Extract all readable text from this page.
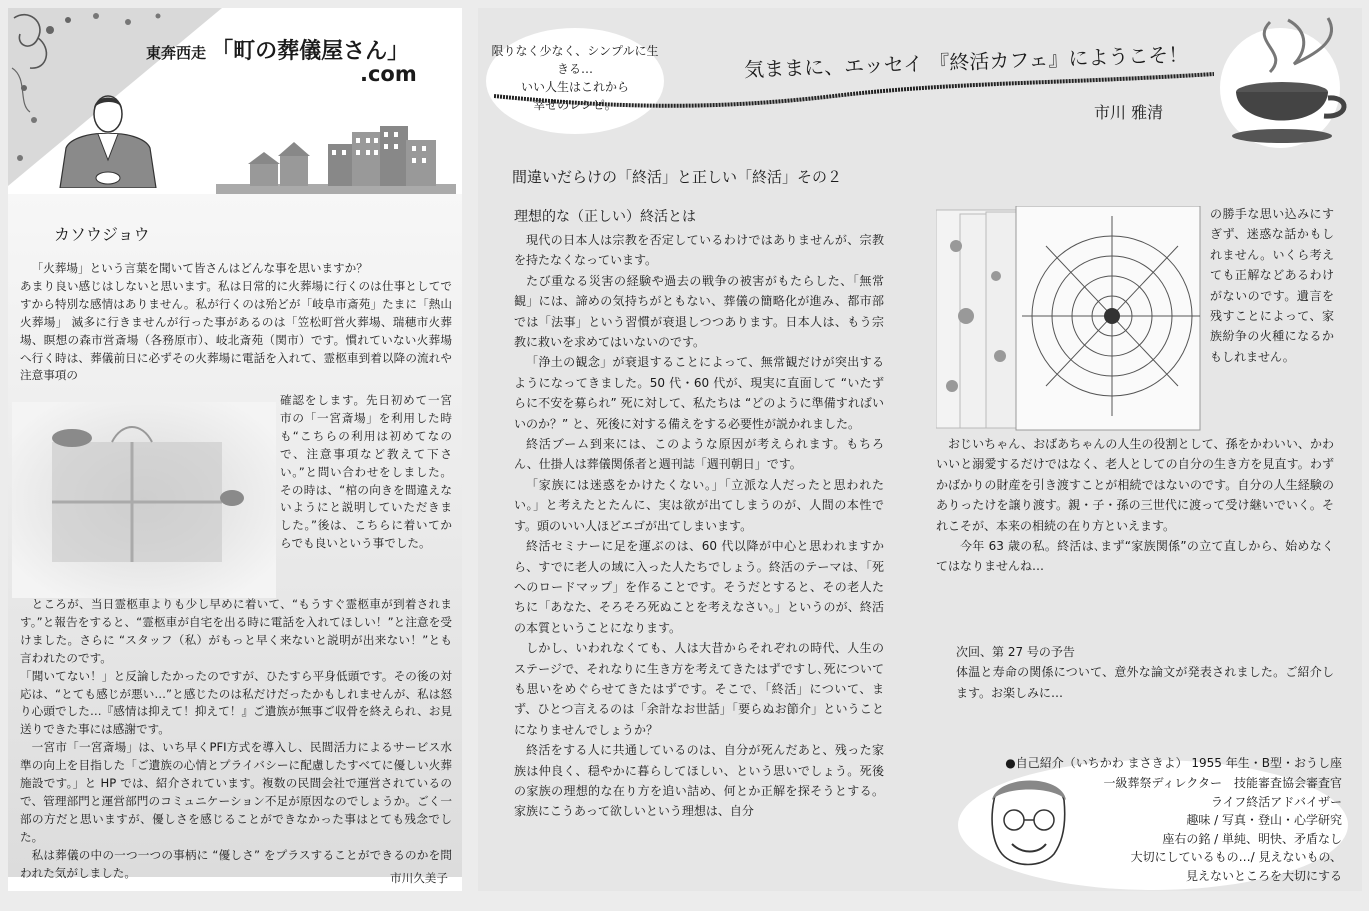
東奔西走 「町の葬儀屋さん」
.com
カソウジョウ

「火葬場」という言葉を聞いて皆さんはどんな事を思いますか？

あまり良い感じはしないと思います。私は日常的に火葬場に行くのは仕事としてですから特別な感情はありません。私が行くのは殆どが「岐阜市斎苑」たまに「熱山火葬場」 滅多に行きませんが行った事があるのは「笠松町営火葬場、瑞穂市火葬場、瞑想の森市営斎場（各務原市）、岐北斎苑（関市）です。慣れていない火葬場へ行く時は、葬儀前日に必ずその火葬場に電話を入れて、霊柩車到着以降の流れや注意事項の

確認をします。先日初めて一宮市の「一宮斎場」を利用した時も“こちらの利用は初めてなので、注意事項など教えて下さい。”と問い合わせをしました。その時は、“棺の向きを間違えないようにと説明していただきました。”後は、こちらに着いてからでも良いという事でした。

ところが、当日霊柩車よりも少し早めに着いて、“もうすぐ霊柩車が到着されます。”と報告をすると、“霊柩車が自宅を出る時に電話を入れてほしい！”と注意を受けました。さらに “スタッフ（私）がもっと早く来ないと説明が出来ない！”とも言われたのです。

「聞いてない！」と反論したかったのですが、ひたすら平身低頭です。その後の対応は、“とても感じが悪い…”と感じたのは私だけだったかもしれませんが、私は怒り心頭でした…『感情は抑えて！抑えて！』ご遺族が無事ご収骨を終えられ、お見送りできた事には感謝です。

一宮市「一宮斎場」は、いち早くPFI方式を導入し、民間活力によるサービス水準の向上を目指した「ご遺族の心情とプライバシーに配慮したすべてに優しい火葬施設です。」と HP では、紹介されています。複数の民間会社で運営されているので、管理部門と運営部門のコミュニケーション不足が原因なのでしょうか。ごく一部の方だと思いますが、優しさを感じることができなかった事はとても残念でした。

私は葬儀の中の一つ一つの事柄に “優しさ” をプラスすることができるのかを問われた気がしました。	市川久美子
限りなく少なく、シンプルに生きる…
いい人生はこれから
幸せのレシピ。
気ままに、エッセイ 『終活カフェ』にようこそ！
市川 雅清
間違いだらけの「終活」と正しい「終活」その２
理想的な（正しい）終活とは

現代の日本人は宗教を否定しているわけではありませんが、宗教を持たなくなっています。

たび重なる災害の経験や過去の戦争の被害がもたらした、「無常観」には、諦めの気持ちがともない、葬儀の簡略化が進み、都市部では「法事」という習慣が衰退しつつあります。日本人は、もう宗教に救いを求めてはいないのです。

「浄土の観念」が衰退することによって、無常観だけが突出するようになってきました。50 代・60 代が、現実に直面して “いたずらに不安を募られ” 死に対して、私たちは “どのように準備すればいいのか？” と、死後に対する備えをする必要性が説かれました。

終活ブーム到来には、このような原因が考えられます。もちろん、仕掛人は葬儀関係者と週刊誌「週刊朝日」です。

「家族には迷惑をかけたくない。」「立派な人だったと思われたい。」と考えたとたんに、実は欲が出てしまうのが、人間の本性です。頭のいい人ほどエゴが出てしまいます。

終活セミナーに足を運ぶのは、60 代以降が中心と思われますから、すでに老人の域に入った人たちでしょう。終活のテーマは､「死へのロードマップ」を作ることです。そうだとすると、その老人たちに「あなた、そろそろ死ぬことを考えなさい。」というのが、終活の本質ということになります。

しかし、いわれなくても、人は大昔からそれぞれの時代、人生のステージで、それなりに生き方を考えてきたはずですし､死についても思いをめぐらせてきたはずです。そこで､「終活」について、まず、ひとつ言えるのは「余計なお世話」「要らぬお節介」ということになりませんでしょうか？

終活をする人に共通しているのは、自分が死んだあと、残った家族は仲良く、穏やかに暮らしてほしい、という思いでしょう。死後の家族の理想的な在り方を追い詰め、何とか正解を探そうとする。家族にこうあって欲しいという理想は、自分

の勝手な思い込みにすぎず、迷惑な話かもしれません。いくら考えても正解などあるわけがないのです。遺言を残すことによって、家族紛争の火種になるかもしれません。

おじいちゃん、おばあちゃんの人生の役割として、孫をかわいい、かわいいと溺愛するだけではなく、老人としての自分の生き方を見直す。わずかばかりの財産を引き渡すことが相続ではないのです。自分の人生経験のありったけを譲り渡す。親・子・孫の三世代に渡って受け継いでいく。それこそが、本来の相続の在り方といえます。

今年 63 歳の私。終活は､まず“家族関係”の立て直しから、始めなくてはなりませんね…

次回、第 27 号の予告

体温と寿命の関係について、意外な論文が発表されました。ご紹介します。お楽しみに…

●自己紹介（いちかわ まさきよ） 1955 年生・B型・おうし座
一級葬祭ディレクター　技能審査協会審査官
ライフ終活アドバイザー
趣味 / 写真・登山・心学研究
座右の銘 / 単純、明快、矛盾なし
大切にしているもの…/ 見えないもの、
見えないところを大切にする
